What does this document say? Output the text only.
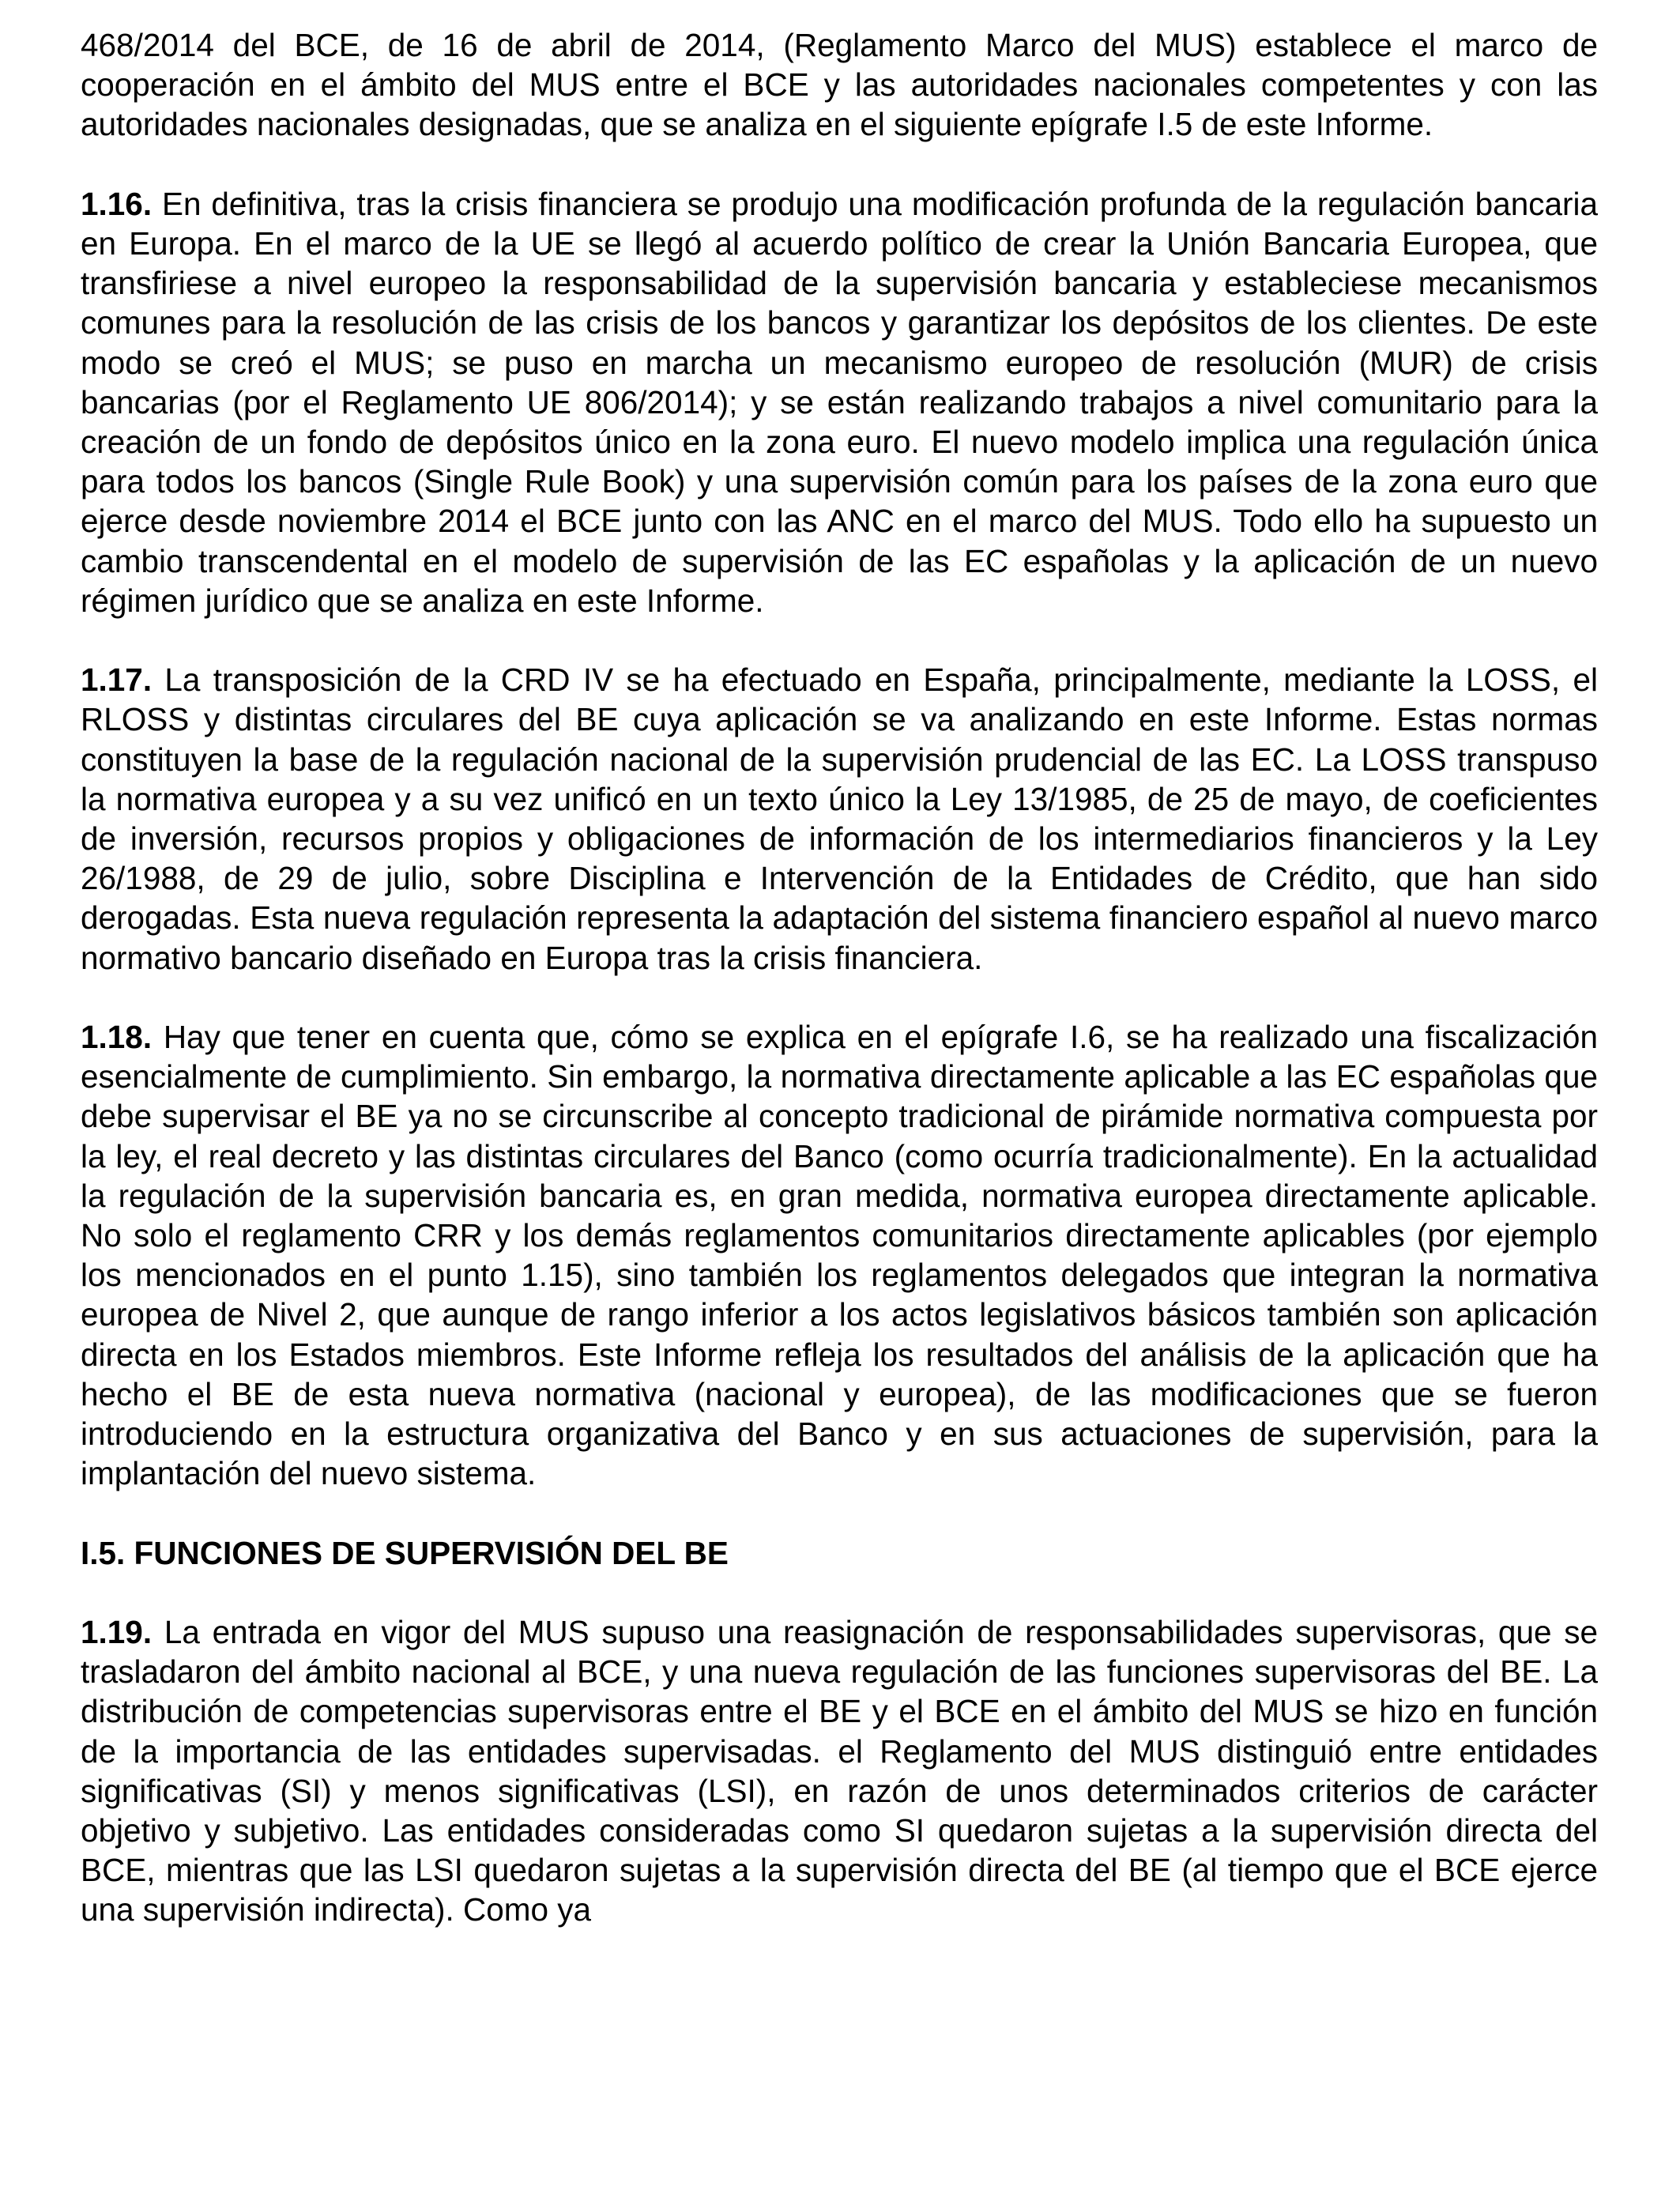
468/2014 del BCE, de 16 de abril de 2014, (Reglamento Marco del MUS) establece el marco de cooperación en el ámbito del MUS entre el BCE y las autoridades nacionales competentes y con las autoridades nacionales designadas, que se analiza en el siguiente epígrafe I.5 de este Informe.

1.16. En definitiva, tras la crisis financiera se produjo una modificación profunda de la regulación bancaria en Europa. En el marco de la UE se llegó al acuerdo político de crear la Unión Bancaria Europea, que transfiriese a nivel europeo la responsabilidad de la supervisión bancaria y estableciese mecanismos comunes para la resolución de las crisis de los bancos y garantizar los depósitos de los clientes. De este modo se creó el MUS; se puso en marcha un mecanismo europeo de resolución (MUR) de crisis bancarias (por el Reglamento UE 806/2014); y se están realizando trabajos a nivel comunitario para la creación de un fondo de depósitos único en la zona euro. El nuevo modelo implica una regulación única para todos los bancos (Single Rule Book) y una supervisión común para los países de la zona euro que ejerce desde noviembre 2014 el BCE junto con las ANC en el marco del MUS. Todo ello ha supuesto un cambio transcendental en el modelo de supervisión de las EC españolas y la aplicación de un nuevo régimen jurídico que se analiza en este Informe.

1.17. La transposición de la CRD IV se ha efectuado en España, principalmente, mediante la LOSS, el RLOSS y distintas circulares del BE cuya aplicación se va analizando en este Informe. Estas normas constituyen la base de la regulación nacional de la supervisión prudencial de las EC. La LOSS transpuso la normativa europea y a su vez unificó en un texto único la Ley 13/1985, de 25 de mayo, de coeficientes de inversión, recursos propios y obligaciones de información de los intermediarios financieros y la Ley 26/1988, de 29 de julio, sobre Disciplina e Intervención de la Entidades de Crédito, que han sido derogadas. Esta nueva regulación representa la adaptación del sistema financiero español al nuevo marco normativo bancario diseñado en Europa tras la crisis financiera.

1.18. Hay que tener en cuenta que, cómo se explica en el epígrafe I.6, se ha realizado una fiscalización esencialmente de cumplimiento. Sin embargo, la normativa directamente aplicable a las EC españolas que debe supervisar el BE ya no se circunscribe al concepto tradicional de pirámide normativa compuesta por la ley, el real decreto y las distintas circulares del Banco (como ocurría tradicionalmente). En la actualidad la regulación de la supervisión bancaria es, en gran medida, normativa europea directamente aplicable. No solo el reglamento CRR y los demás reglamentos comunitarios directamente aplicables (por ejemplo los mencionados en el punto 1.15), sino también los reglamentos delegados que integran la normativa europea de Nivel 2, que aunque de rango inferior a los actos legislativos básicos también son aplicación directa en los Estados miembros. Este Informe refleja los resultados del análisis de la aplicación que ha hecho el BE de esta nueva normativa (nacional y europea), de las modificaciones que se fueron introduciendo en la estructura organizativa del Banco y en sus actuaciones de supervisión, para la implantación del nuevo sistema.

I.5. FUNCIONES DE SUPERVISIÓN DEL BE

1.19. La entrada en vigor del MUS supuso una reasignación de responsabilidades supervisoras, que se trasladaron del ámbito nacional al BCE, y una nueva regulación de las funciones supervisoras del BE. La distribución de competencias supervisoras entre el BE y el BCE en el ámbito del MUS se hizo en función de la importancia de las entidades supervisadas. el Reglamento del MUS distinguió entre entidades significativas (SI) y menos significativas (LSI), en razón de unos determinados criterios de carácter objetivo y subjetivo. Las entidades consideradas como SI quedaron sujetas a la supervisión directa del BCE, mientras que las LSI quedaron sujetas a la supervisión directa del BE (al tiempo que el BCE ejerce una supervisión indirecta). Como ya
